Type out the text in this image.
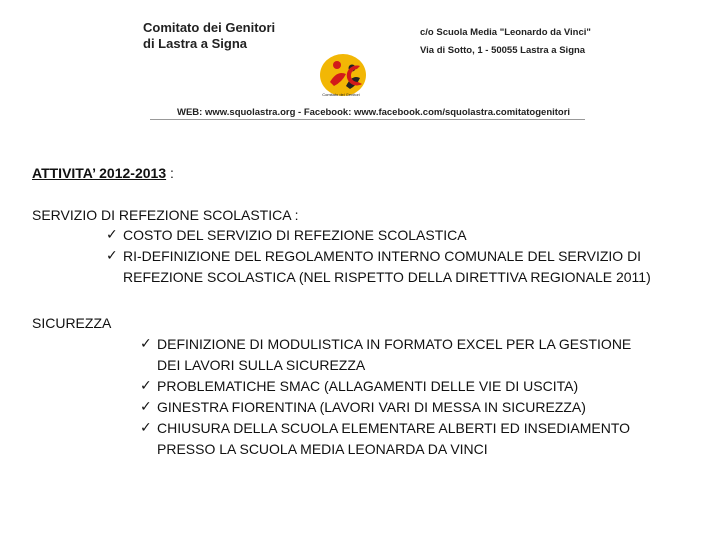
Comitato dei Genitori
di Lastra a Signa
c/o Scuola Media "Leonardo da Vinci"
Via di Sotto, 1 - 50055 Lastra a Signa
Comitato dei Genitori
WEB: www.squolastra.org - Facebook: www.facebook.com/squolastra.comitatogenitori
ATTIVITA’ 2012-2013 :
SERVIZIO DI REFEZIONE SCOLASTICA :
✓ COSTO DEL SERVIZIO DI REFEZIONE SCOLASTICA
✓ RI-DEFINIZIONE DEL REGOLAMENTO INTERNO COMUNALE DEL SERVIZIO DI
REFEZIONE SCOLASTICA (NEL RISPETTO DELLA DIRETTIVA REGIONALE 2011)
SICUREZZA
✓ DEFINIZIONE DI MODULISTICA IN FORMATO EXCEL PER LA GESTIONE
DEI LAVORI SULLA SICUREZZA
✓ PROBLEMATICHE SMAC (ALLAGAMENTI DELLE VIE DI USCITA)
✓ GINESTRA FIORENTINA (LAVORI VARI DI MESSA IN SICUREZZA)
✓ CHIUSURA DELLA SCUOLA ELEMENTARE ALBERTI ED INSEDIAMENTO
PRESSO LA SCUOLA MEDIA LEONARDA DA VINCI
